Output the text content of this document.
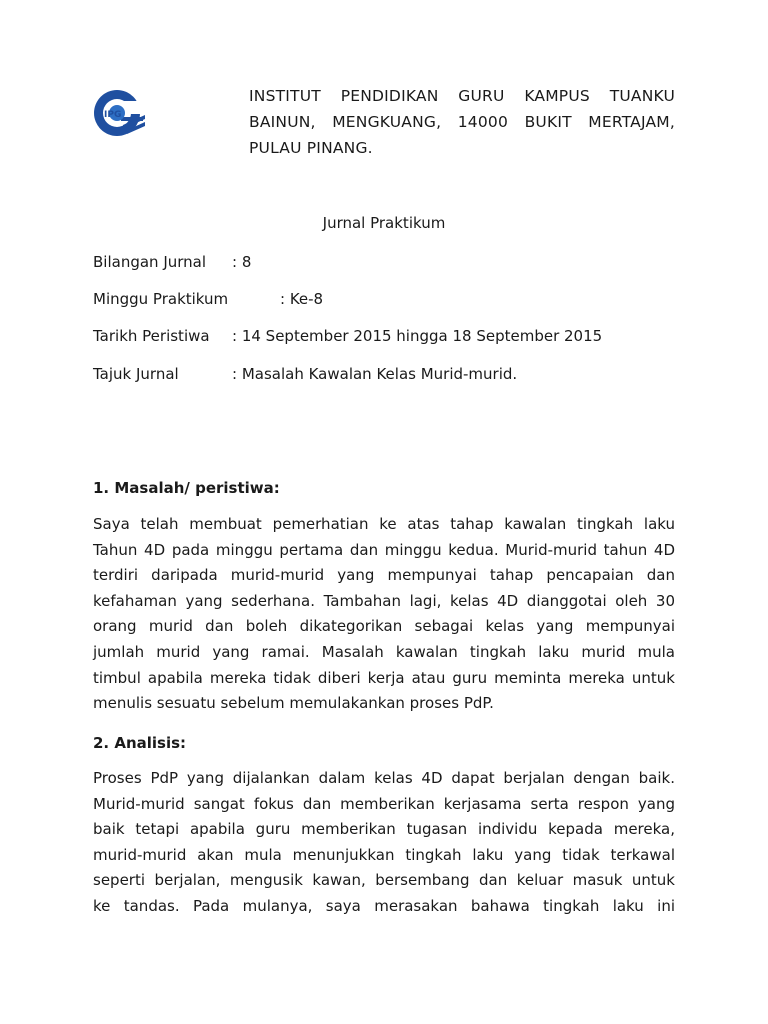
IPG
INSTITUT PENDIDIKAN GURU KAMPUS TUANKU BAINUN, MENGKUANG, 14000 BUKIT MERTAJAM, PULAU PINANG.
Jurnal Praktikum
Bilangan Jurnal : 8
Minggu Praktikum	: Ke-8
Tarikh Peristiwa : 14 September 2015 hingga 18 September 2015
Tajuk Jurnal	: Masalah Kawalan Kelas Murid-murid.
1. Masalah/ peristiwa:
Saya telah membuat pemerhatian ke atas tahap kawalan tingkah laku
Tahun 4D pada minggu pertama dan minggu kedua. Murid-murid tahun 4D
terdiri daripada murid-murid yang mempunyai tahap pencapaian dan
kefahaman yang sederhana. Tambahan lagi, kelas 4D dianggotai oleh 30
orang murid dan boleh dikategorikan sebagai kelas yang mempunyai
jumlah murid yang ramai. Masalah kawalan tingkah laku murid mula
timbul apabila mereka tidak diberi kerja atau guru meminta mereka untuk
menulis sesuatu sebelum memulakankan proses PdP.
2. Analisis:
Proses PdP yang dijalankan dalam kelas 4D dapat berjalan dengan baik.
Murid-murid sangat fokus dan memberikan kerjasama serta respon yang
baik tetapi apabila guru memberikan tugasan individu kepada mereka,
murid-murid akan mula menunjukkan tingkah laku yang tidak terkawal
seperti berjalan, mengusik kawan, bersembang dan keluar masuk untuk
ke tandas. Pada mulanya, saya merasakan bahawa tingkah laku ini
